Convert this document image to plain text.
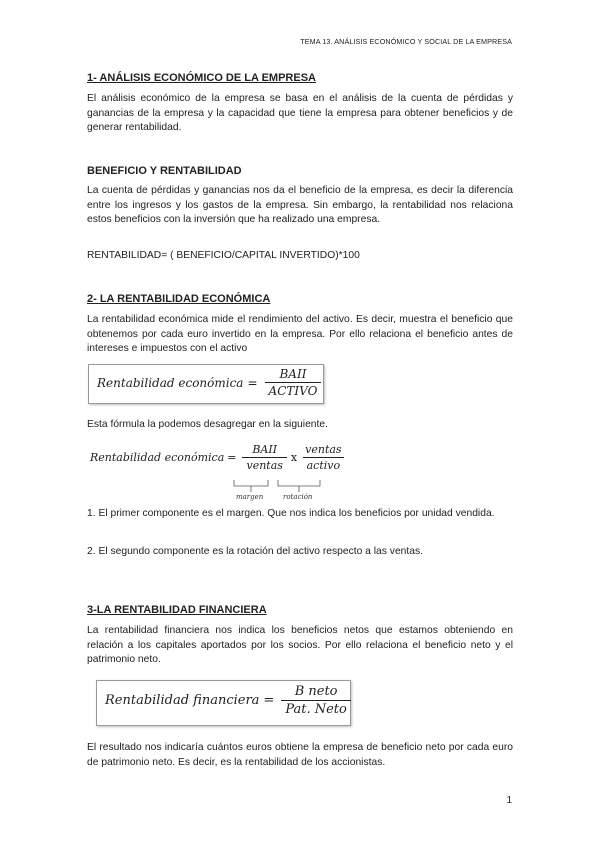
TEMA 13. ANÁLISIS ECONÓMICO Y SOCIAL DE LA EMPRESA
1- ANÁLISIS ECONÓMICO DE LA EMPRESA
El análisis económico de la empresa se basa en el análisis de la cuenta de pérdidas y ganancias de la empresa y la capacidad que tiene la empresa para obtener beneficios y de generar rentabilidad.
BENEFICIO Y RENTABILIDAD
La cuenta de pérdidas y ganancias nos da el beneficio de la empresa, es decir la diferencia entre los ingresos y los gastos de la empresa. Sin embargo, la rentabilidad nos relaciona estos beneficios con la inversión que ha realizado una empresa.
RENTABILIDAD= ( BENEFICIO/CAPITAL INVERTIDO)*100
2- LA RENTABILIDAD ECONÓMICA
La rentabilidad económica mide el rendimiento del activo. Es decir, muestra el beneficio que obtenemos por cada euro invertido en la empresa. Por ello relaciona el beneficio antes de intereses e impuestos con el activo
Rentabilidad económica = $\frac{\text{BAII}}{\text{ACTIVO}}$
Esta fórmula la podemos desagregar en la siguiente.
Rentabilidad económica = $\frac{\text{BAII}}{\text{ventas}}$ x $\frac{\text{ventas}}{\text{activo}}$
margen	rotación
1. El primer componente es el margen. Que nos indica los beneficios por unidad vendida.
2. El segundo componente es la rotación del activo respecto a las ventas.
3-LA RENTABILIDAD FINANCIERA
La rentabilidad financiera nos indica los beneficios netos que estamos obteniendo en relación a los capitales aportados por los socios. Por ello relaciona el beneficio neto y el patrimonio neto.
Rentabilidad financiera = $\frac{\text{B neto}}{\text{Pat. Neto}}$
El resultado nos indicaría cuántos euros obtiene la empresa de beneficio neto por cada euro de patrimonio neto. Es decir, es la rentabilidad de los accionistas.
1
